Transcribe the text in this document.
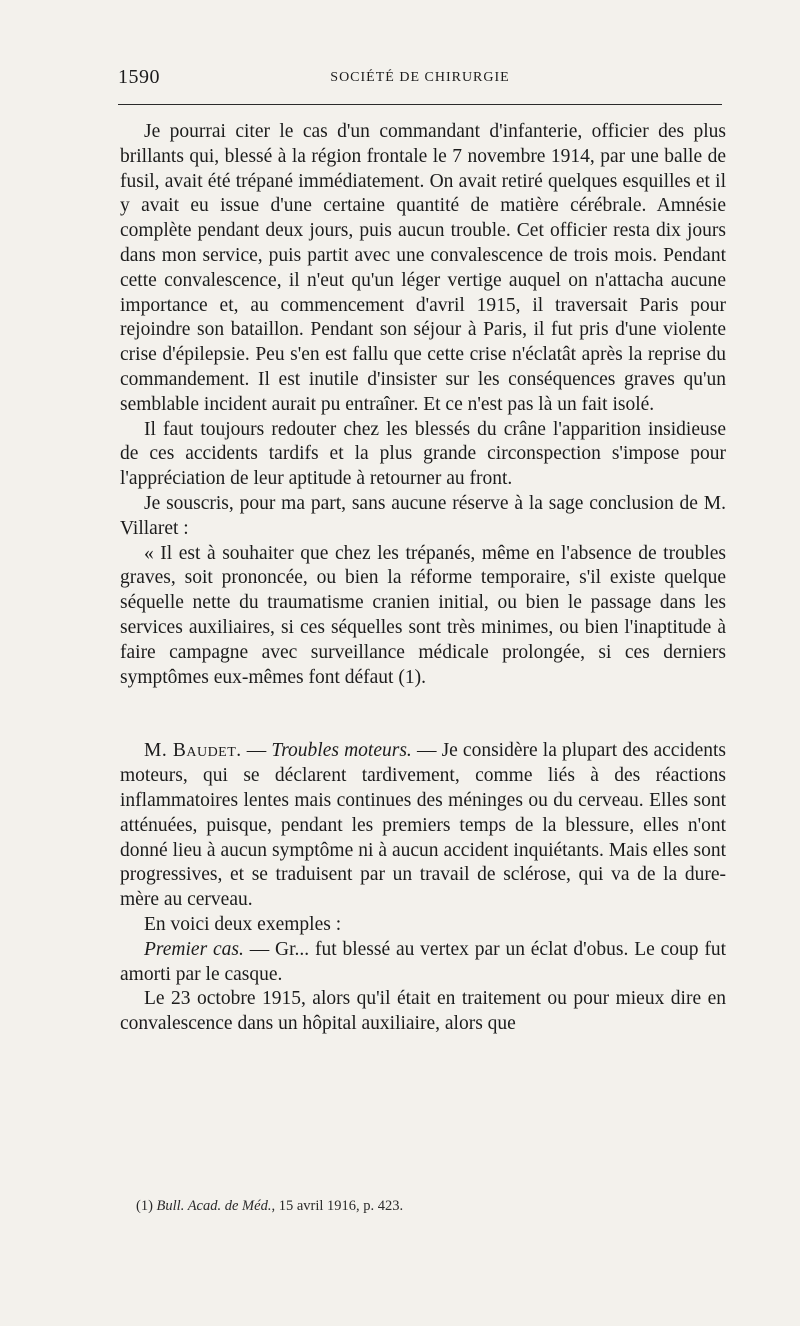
1590	SOCIÉTÉ DE CHIRURGIE

Je pourrai citer le cas d'un commandant d'infanterie, officier des plus brillants qui, blessé à la région frontale le 7 novembre 1914, par une balle de fusil, avait été trépané immédiatement. On avait retiré quelques esquilles et il y avait eu issue d'une certaine quantité de matière cérébrale. Amnésie complète pendant deux jours, puis aucun trouble. Cet officier resta dix jours dans mon service, puis partit avec une convalescence de trois mois. Pendant cette convalescence, il n'eut qu'un léger vertige auquel on n'attacha aucune importance et, au commencement d'avril 1915, il traversait Paris pour rejoindre son bataillon. Pendant son séjour à Paris, il fut pris d'une violente crise d'épilepsie. Peu s'en est fallu que cette crise n'éclatât après la reprise du commandement. Il est inutile d'insister sur les conséquences graves qu'un semblable incident aurait pu entraîner. Et ce n'est pas là un fait isolé.

Il faut toujours redouter chez les blessés du crâne l'apparition insidieuse de ces accidents tardifs et la plus grande circonspection s'impose pour l'appréciation de leur aptitude à retourner au front.

Je souscris, pour ma part, sans aucune réserve à la sage conclusion de M. Villaret :

« Il est à souhaiter que chez les trépanés, même en l'absence de troubles graves, soit prononcée, ou bien la réforme temporaire, s'il existe quelque séquelle nette du traumatisme cranien initial, ou bien le passage dans les services auxiliaires, si ces séquelles sont très minimes, ou bien l'inaptitude à faire campagne avec surveillance médicale prolongée, si ces derniers symptômes eux-mêmes font défaut (1).

M. Baudet. — Troubles moteurs. — Je considère la plupart des accidents moteurs, qui se déclarent tardivement, comme liés à des réactions inflammatoires lentes mais continues des méninges ou du cerveau. Elles sont atténuées, puisque, pendant les premiers temps de la blessure, elles n'ont donné lieu à aucun symptôme ni à aucun accident inquiétants. Mais elles sont progressives, et se traduisent par un travail de sclérose, qui va de la dure-mère au cerveau.

En voici deux exemples :

Premier cas. — Gr... fut blessé au vertex par un éclat d'obus. Le coup fut amorti par le casque.

Le 23 octobre 1915, alors qu'il était en traitement ou pour mieux dire en convalescence dans un hôpital auxiliaire, alors que

(1) Bull. Acad. de Méd., 15 avril 1916, p. 423.
